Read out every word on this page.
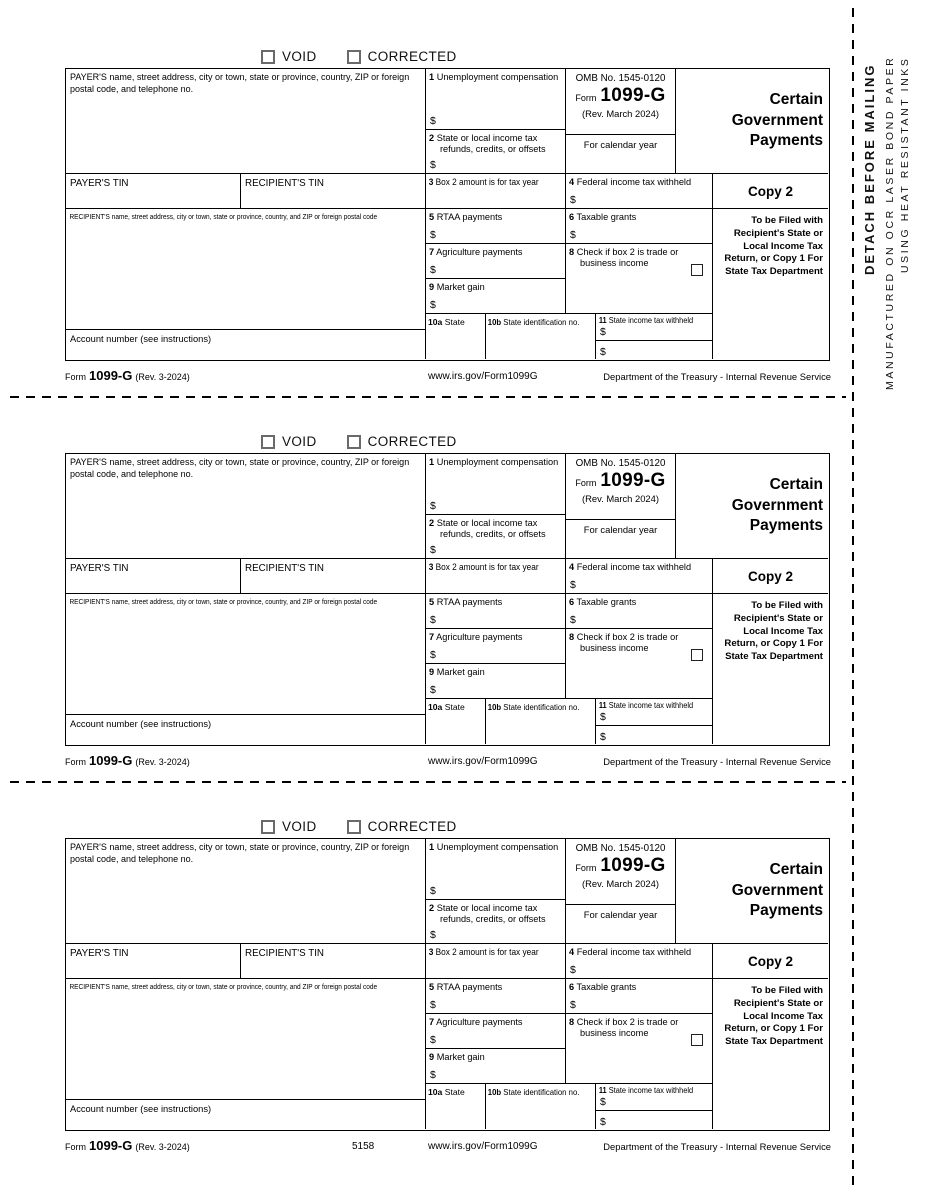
VOID	CORRECTED
PAYER'S name, street address, city or town, state or province, country, ZIP or foreign postal code, and telephone no.
1 Unemployment compensation
$
2 State or local income tax refunds, credits, or offsets
$
OMB No. 1545-0120
Form 1099-G
(Rev. March 2024)
For calendar year
Certain Government Payments
PAYER'S TIN	RECIPIENT'S TIN	3 Box 2 amount is for tax year	4 Federal income tax withheld
$
Copy 2
RECIPIENT'S name, street address, city or town, state or province, country, and ZIP or foreign postal code	5 RTAA payments
$
6 Taxable grants
$
To be Filed with Recipient's State or Local Income Tax Return, or Copy 1 For State Tax Department
7 Agriculture payments
$
8 Check if box 2 is trade or business income
9 Market gain
$
10a State	10b State identification no.	11 State income tax withheld
$
$
Account number (see instructions)
Form 1099-G (Rev. 3-2024)	www.irs.gov/Form1099G	Department of the Treasury - Internal Revenue Service
VOID	CORRECTED
PAYER'S name, street address, city or town, state or province, country, ZIP or foreign postal code, and telephone no.
1 Unemployment compensation
$
2 State or local income tax refunds, credits, or offsets
$
OMB No. 1545-0120
Form 1099-G
(Rev. March 2024)
For calendar year
Certain Government Payments
PAYER'S TIN	RECIPIENT'S TIN	3 Box 2 amount is for tax year	4 Federal income tax withheld
$
Copy 2
RECIPIENT'S name, street address, city or town, state or province, country, and ZIP or foreign postal code	5 RTAA payments
$
6 Taxable grants
$
To be Filed with Recipient's State or Local Income Tax Return, or Copy 1 For State Tax Department
7 Agriculture payments
$
8 Check if box 2 is trade or business income
9 Market gain
$
10a State	10b State identification no.	11 State income tax withheld
$
$
Account number (see instructions)
Form 1099-G (Rev. 3-2024)	www.irs.gov/Form1099G	Department of the Treasury - Internal Revenue Service
VOID	CORRECTED
PAYER'S name, street address, city or town, state or province, country, ZIP or foreign postal code, and telephone no.
1 Unemployment compensation
$
2 State or local income tax refunds, credits, or offsets
$
OMB No. 1545-0120
Form 1099-G
(Rev. March 2024)
For calendar year
Certain Government Payments
PAYER'S TIN	RECIPIENT'S TIN	3 Box 2 amount is for tax year	4 Federal income tax withheld
$
Copy 2
RECIPIENT'S name, street address, city or town, state or province, country, and ZIP or foreign postal code	5 RTAA payments
$
6 Taxable grants
$
To be Filed with Recipient's State or Local Income Tax Return, or Copy 1 For State Tax Department
7 Agriculture payments
$
8 Check if box 2 is trade or business income
9 Market gain
$
10a State	10b State identification no.	11 State income tax withheld
$
$
Account number (see instructions)
Form 1099-G (Rev. 3-2024)	5158	www.irs.gov/Form1099G	Department of the Treasury - Internal Revenue Service
DETACH BEFORE MAILING MANUFACTURED ON OCR LASER BOND PAPER USING HEAT RESISTANT INKS
